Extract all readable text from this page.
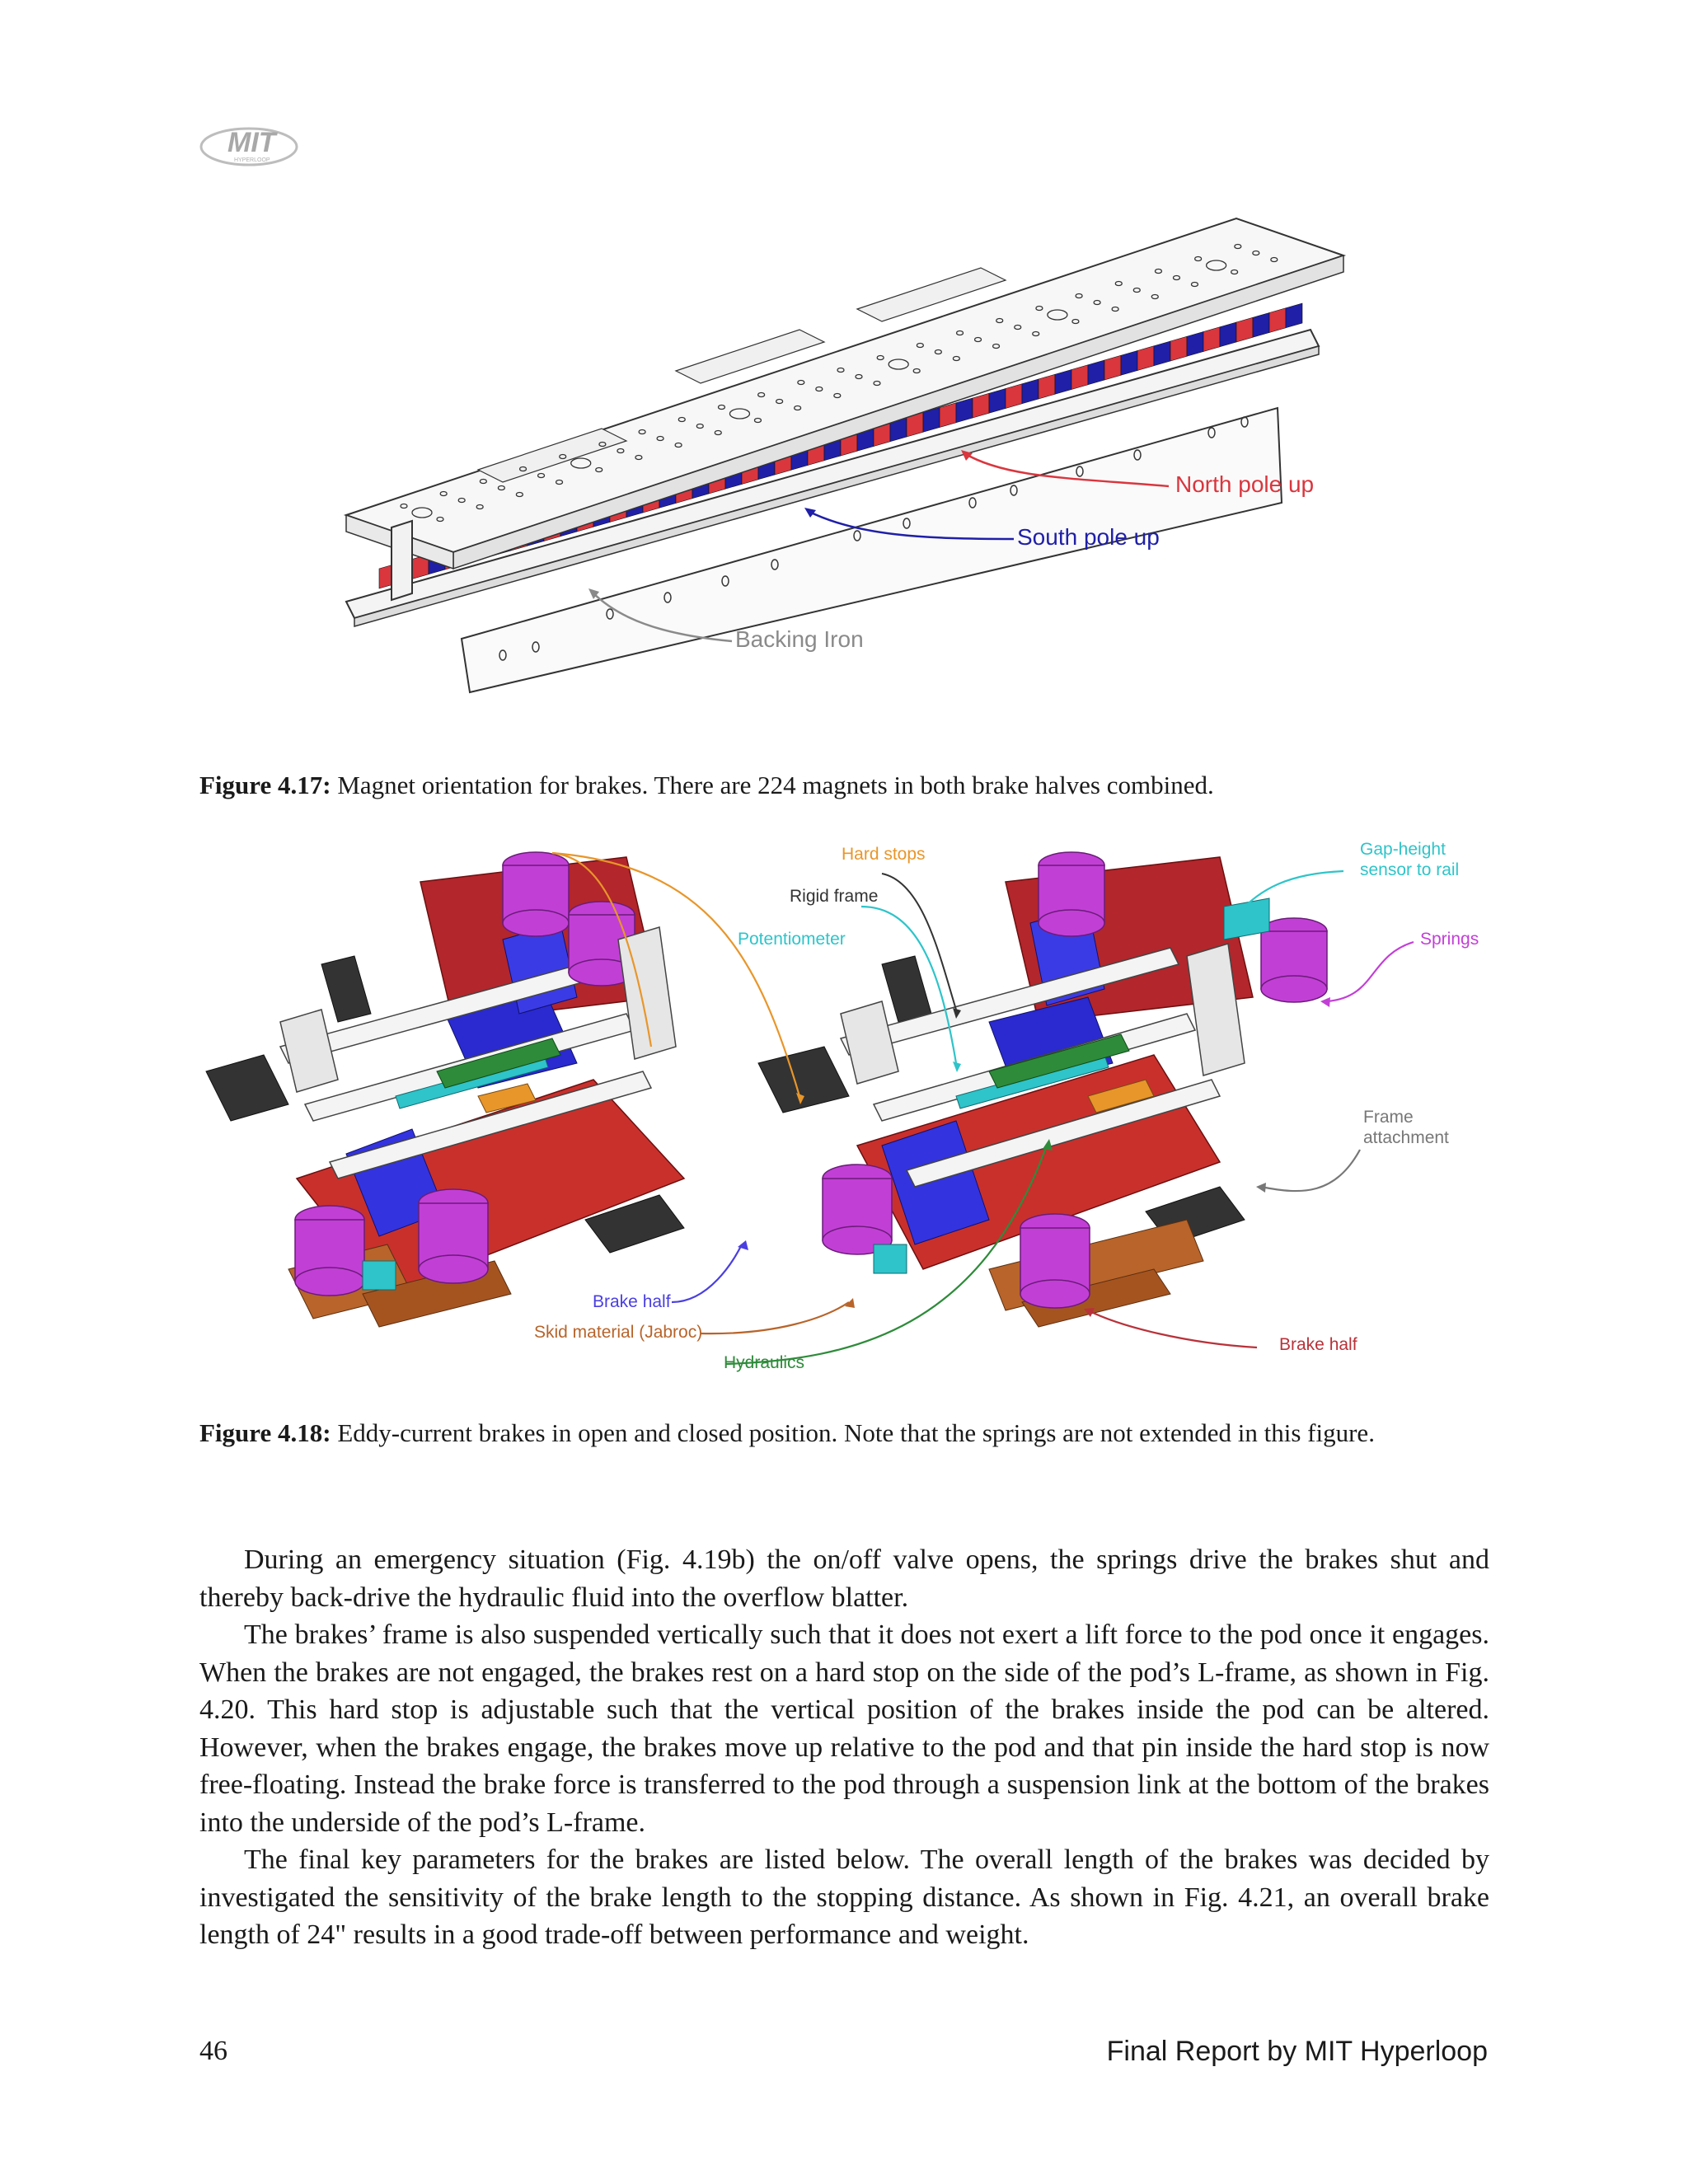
MIT
HYPERLOOP
North pole up
South pole up
Backing Iron
Figure 4.17: Magnet orientation for brakes. There are 224 magnets in both brake halves combined.
Hard stops
Rigid frame
Potentiometer
Gap-height
sensor to rail
Springs
Frame
attachment
Brake half
Skid material (Jabroc)
Hydraulics
Brake half
Figure 4.18: Eddy-current brakes in open and closed position. Note that the springs are not extended in this figure.

During an emergency situation (Fig. 4.19b) the on/off valve opens, the springs drive the brakes shut and thereby back-drive the hydraulic fluid into the overflow blatter.

The brakes’ frame is also suspended vertically such that it does not exert a lift force to the pod once it engages. When the brakes are not engaged, the brakes rest on a hard stop on the side of the pod’s L-frame, as shown in Fig. 4.20. This hard stop is adjustable such that the vertical position of the brakes inside the pod can be altered. However, when the brakes engage, the brakes move up relative to the pod and that pin inside the hard stop is now free-floating. Instead the brake force is transferred to the pod through a suspension link at the bottom of the brakes into the underside of the pod’s L-frame.

The final key parameters for the brakes are listed below. The overall length of the brakes was decided by investigated the sensitivity of the brake length to the stopping distance. As shown in Fig. 4.21, an overall brake length of 24" results in a good trade-off between performance and weight.

46	Final Report by MIT Hyperloop
